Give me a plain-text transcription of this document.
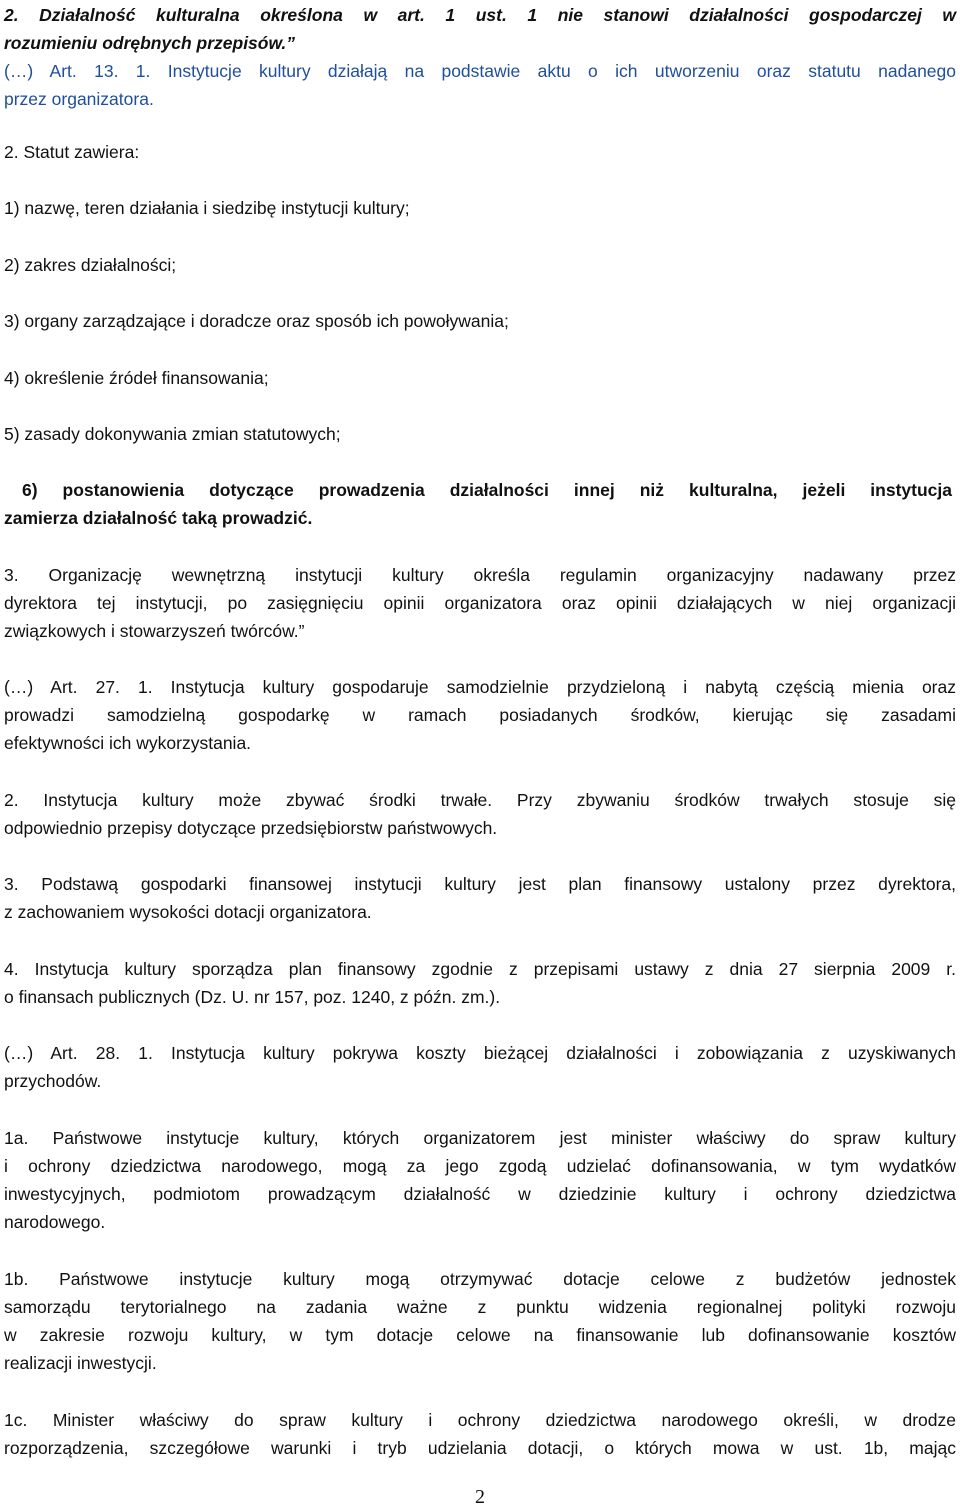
2. Działalność kulturalna określona w art. 1 ust. 1 nie stanowi działalności gospodarczej w
rozumieniu odrębnych przepisów.”
(…) Art. 13. 1. Instytucje kultury działają na podstawie aktu o ich utworzeniu oraz statutu nadanego
przez organizatora.
2. Statut zawiera:
1) nazwę, teren działania i siedzibę instytucji kultury;
2) zakres działalności;
3) organy zarządzające i doradcze oraz sposób ich powoływania;
4) określenie źródeł finansowania;
5) zasady dokonywania zmian statutowych;
6) postanowienia dotyczące prowadzenia działalności innej niż kulturalna, jeżeli instytucja
zamierza działalność taką prowadzić.
3. Organizację wewnętrzną instytucji kultury określa regulamin organizacyjny nadawany przez
dyrektora tej instytucji, po zasięgnięciu opinii organizatora oraz opinii działających w niej organizacji
związkowych i stowarzyszeń twórców.”
(…) Art. 27. 1. Instytucja kultury gospodaruje samodzielnie przydzieloną i nabytą częścią mienia oraz
prowadzi samodzielną gospodarkę w ramach posiadanych środków, kierując się zasadami
efektywności ich wykorzystania.
2. Instytucja kultury może zbywać środki trwałe. Przy zbywaniu środków trwałych stosuje się
odpowiednio przepisy dotyczące przedsiębiorstw państwowych.
3. Podstawą gospodarki finansowej instytucji kultury jest plan finansowy ustalony przez dyrektora,
z zachowaniem wysokości dotacji organizatora.
4. Instytucja kultury sporządza plan finansowy zgodnie z przepisami ustawy z dnia 27 sierpnia 2009 r.
o finansach publicznych (Dz. U. nr 157, poz. 1240, z późn. zm.).
(…) Art. 28. 1. Instytucja kultury pokrywa koszty bieżącej działalności i zobowiązania z uzyskiwanych
przychodów.
1a. Państwowe instytucje kultury, których organizatorem jest minister właściwy do spraw kultury
i ochrony dziedzictwa narodowego, mogą za jego zgodą udzielać dofinansowania, w tym wydatków
inwestycyjnych, podmiotom prowadzącym działalność w dziedzinie kultury i ochrony dziedzictwa
narodowego.
1b. Państwowe instytucje kultury mogą otrzymywać dotacje celowe z budżetów jednostek
samorządu terytorialnego na zadania ważne z punktu widzenia regionalnej polityki rozwoju
w zakresie rozwoju kultury, w tym dotacje celowe na finansowanie lub dofinansowanie kosztów
realizacji inwestycji.
1c. Minister właściwy do spraw kultury i ochrony dziedzictwa narodowego określi, w drodze
rozporządzenia, szczegółowe warunki i tryb udzielania dotacji, o których mowa w ust. 1b, mając
2
